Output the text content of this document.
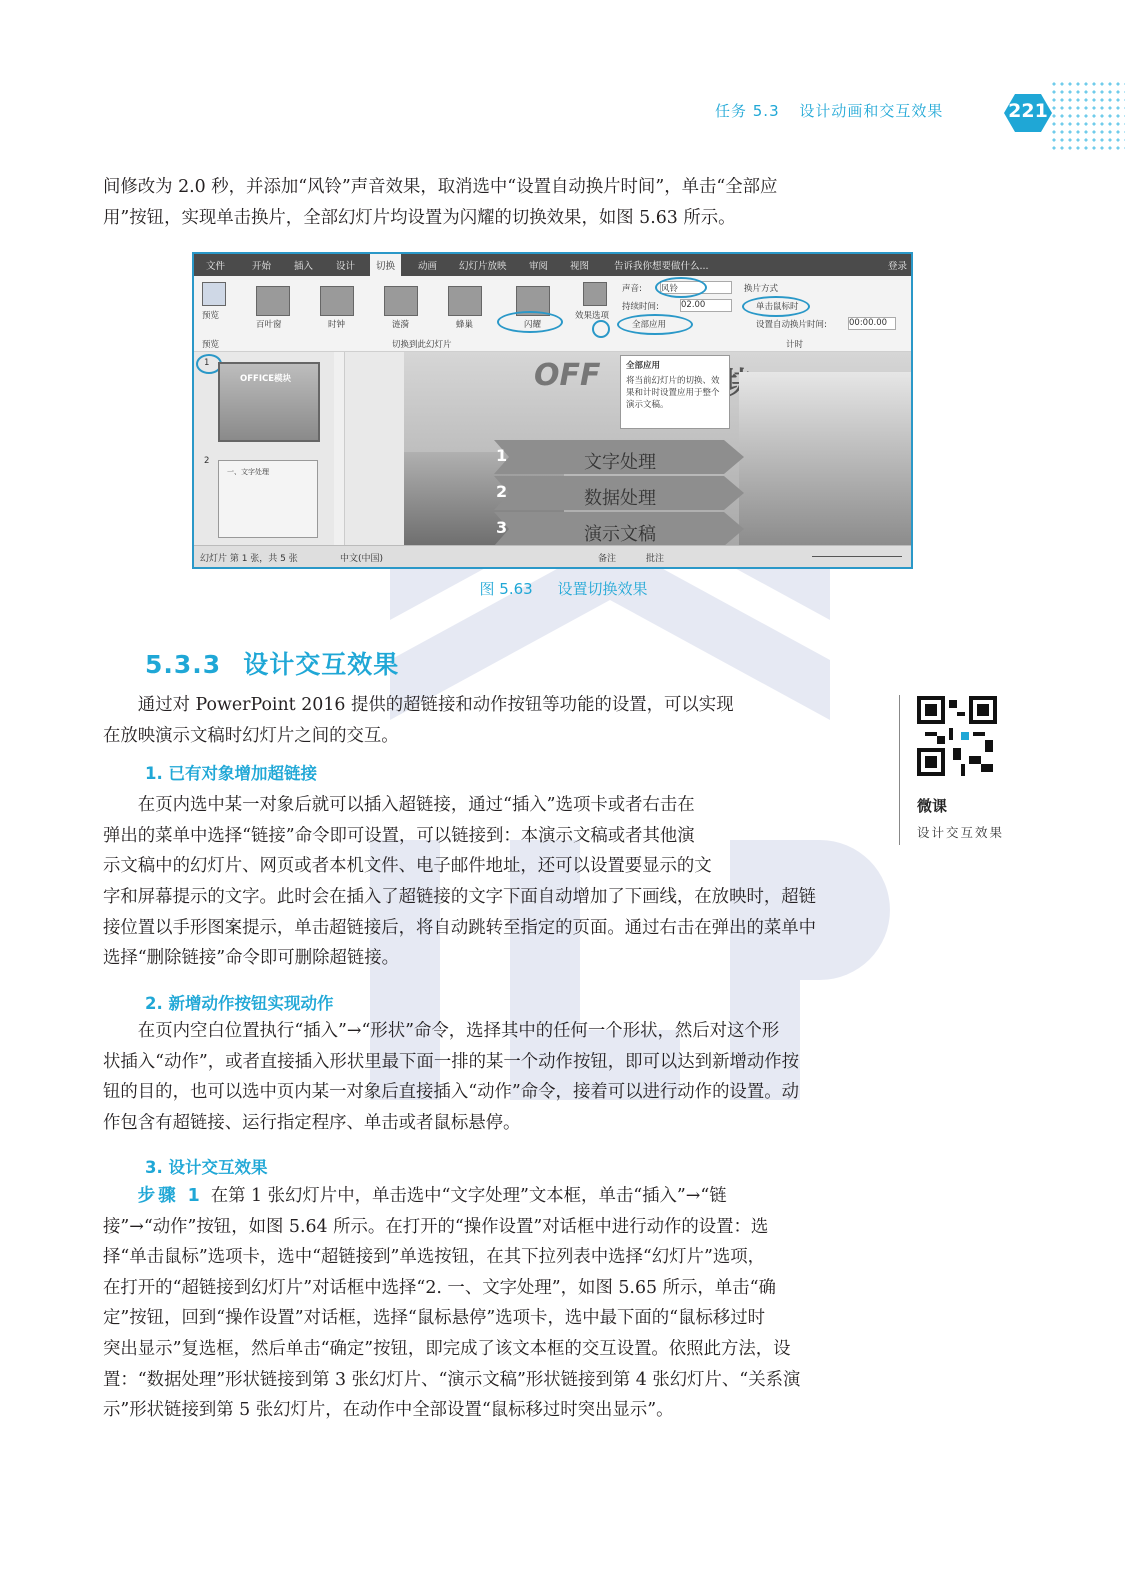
任务 5.3 设计动画和交互效果	221

间修改为 2.0 秒，并添加“风铃”声音效果，取消选中“设置自动换片时间”，单击“全部应

用”按钮，实现单击换片，全部幻灯片均设置为闪耀的切换效果，如图 5.63 所示。

文件	开始 插入 设计	切换	动画 幻灯片放映 审阅 视图	告诉我你想要做什么...	登录
预览
预览
百叶窗	时钟	涟漪	蜂巢	闪耀
效果选项
切换到此幻灯片
声音: 风铃
持续时间:	02.00
全部应用
换片方式
单击鼠标时
设置自动换片时间:	00:00.00
计时
1
OFFICE模块
2
一、文字处理
OFF
1	文字处理
2	数据处理
3	演示文稿
全部应用
将当前幻灯片的切换、效果和计时设置应用于整个演示文稿。
幻灯片 第 1 张，共 5 张	中文(中国)	备注	批注
图 5.63 设置切换效果
5.3.3 设计交互效果
微课
设计交互效果

通过对 PowerPoint 2016 提供的超链接和动作按钮等功能的设置，可以实现

在放映演示文稿时幻灯片之间的交互。

1. 已有对象增加超链接

在页内选中某一对象后就可以插入超链接，通过“插入”选项卡或者右击在

弹出的菜单中选择“链接”命令即可设置，可以链接到：本演示文稿或者其他演

示文稿中的幻灯片、网页或者本机文件、电子邮件地址，还可以设置要显示的文

字和屏幕提示的文字。此时会在插入了超链接的文字下面自动增加了下画线，在放映时，超链

接位置以手形图案提示，单击超链接后，将自动跳转至指定的页面。通过右击在弹出的菜单中

选择“删除链接”命令即可删除超链接。

2. 新增动作按钮实现动作

在页内空白位置执行“插入”→“形状”命令，选择其中的任何一个形状，然后对这个形

状插入“动作”，或者直接插入形状里最下面一排的某一个动作按钮，即可以达到新增动作按

钮的目的，也可以选中页内某一对象后直接插入“动作”命令，接着可以进行动作的设置。动

作包含有超链接、运行指定程序、单击或者鼠标悬停。

3. 设计交互效果

步骤 1 在第 1 张幻灯片中，单击选中“文字处理”文本框，单击“插入”→“链

接”→“动作”按钮，如图 5.64 所示。在打开的“操作设置”对话框中进行动作的设置：选

择“单击鼠标”选项卡，选中“超链接到”单选按钮，在其下拉列表中选择“幻灯片”选项，

在打开的“超链接到幻灯片”对话框中选择“2. 一、文字处理”，如图 5.65 所示，单击“确

定”按钮，回到“操作设置”对话框，选择“鼠标悬停”选项卡，选中最下面的“鼠标移过时

突出显示”复选框，然后单击“确定”按钮，即完成了该文本框的交互设置。依照此方法，设

置：“数据处理”形状链接到第 3 张幻灯片、“演示文稿”形状链接到第 4 张幻灯片、“关系演

示”形状链接到第 5 张幻灯片，在动作中全部设置“鼠标移过时突出显示”。
